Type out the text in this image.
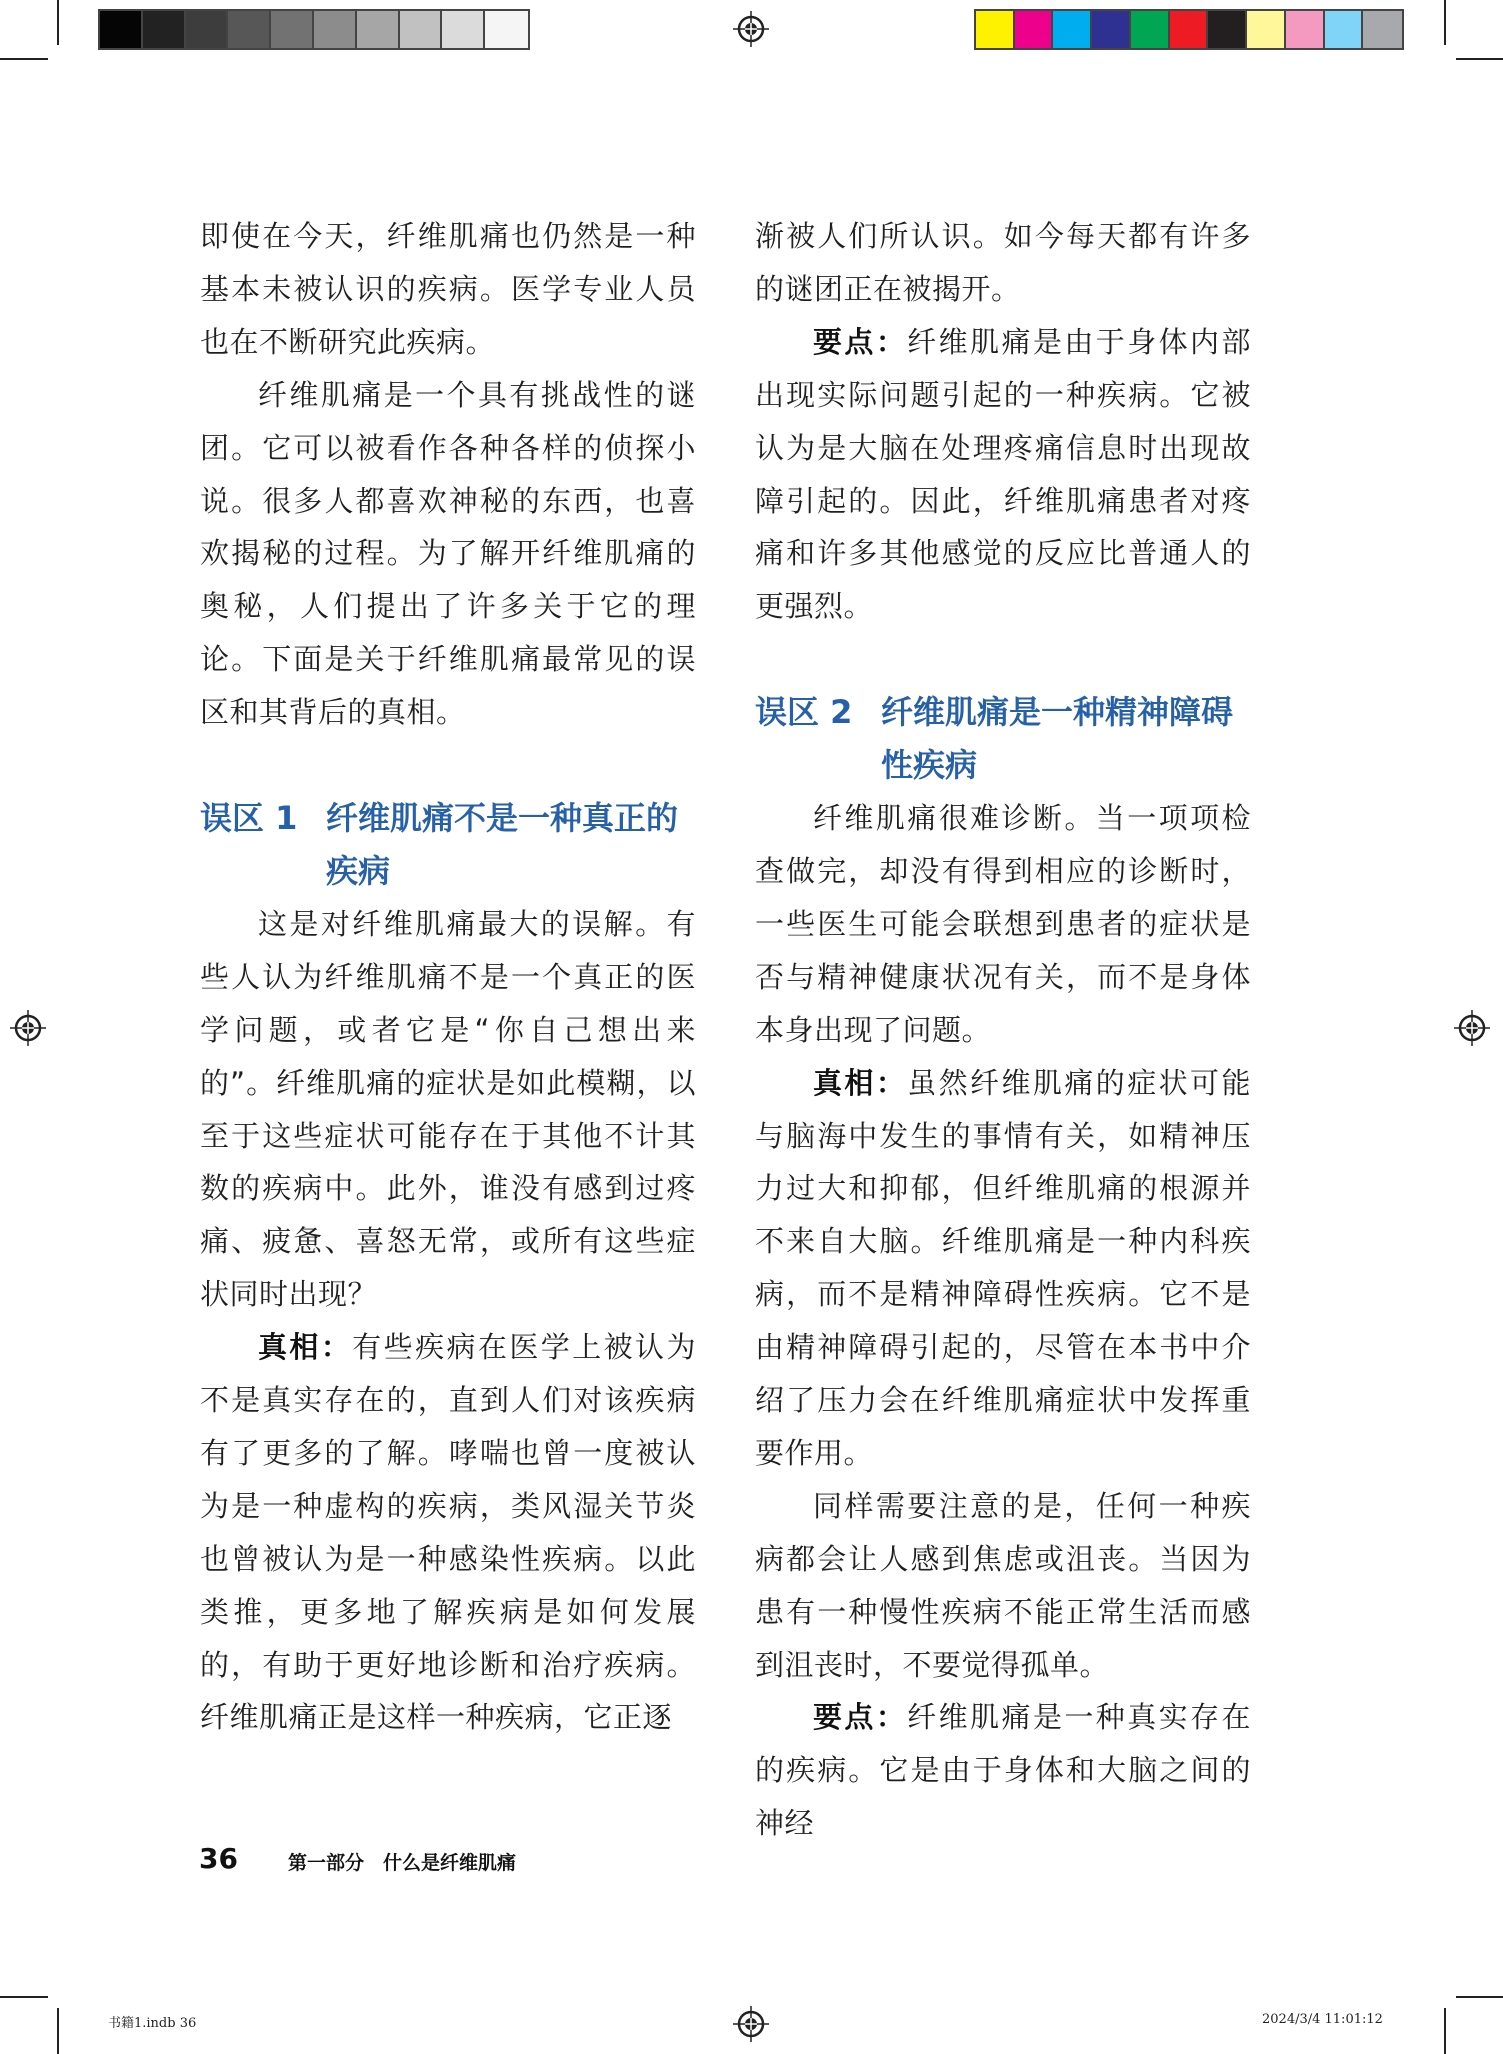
即使在今天，纤维肌痛也仍然是一种基本未被认识的疾病。医学专业人员也在不断研究此疾病。

纤维肌痛是一个具有挑战性的谜团。它可以被看作各种各样的侦探小说。很多人都喜欢神秘的东西，也喜欢揭秘的过程。为了解开纤维肌痛的奥秘，人们提出了许多关于它的理论。下面是关于纤维肌痛最常见的误区和其背后的真相。

误区 1 纤维肌痛不是一种真正的疾病

这是对纤维肌痛最大的误解。有些人认为纤维肌痛不是一个真正的医学问题，或者它是“你自己想出来的”。纤维肌痛的症状是如此模糊，以至于这些症状可能存在于其他不计其数的疾病中。此外，谁没有感到过疼痛、疲惫、喜怒无常，或所有这些症状同时出现？

真相：有些疾病在医学上被认为不是真实存在的，直到人们对该疾病有了更多的了解。哮喘也曾一度被认为是一种虚构的疾病，类风湿关节炎也曾被认为是一种感染性疾病。以此类推，更多地了解疾病是如何发展的，有助于更好地诊断和治疗疾病。纤维肌痛正是这样一种疾病，它正逐

渐被人们所认识。如今每天都有许多的谜团正在被揭开。

要点：纤维肌痛是由于身体内部出现实际问题引起的一种疾病。它被认为是大脑在处理疼痛信息时出现故障引起的。因此，纤维肌痛患者对疼痛和许多其他感觉的反应比普通人的更强烈。

误区 2 纤维肌痛是一种精神障碍性疾病

纤维肌痛很难诊断。当一项项检查做完，却没有得到相应的诊断时，一些医生可能会联想到患者的症状是否与精神健康状况有关，而不是身体本身出现了问题。

真相：虽然纤维肌痛的症状可能与脑海中发生的事情有关，如精神压力过大和抑郁，但纤维肌痛的根源并不来自大脑。纤维肌痛是一种内科疾病，而不是精神障碍性疾病。它不是由精神障碍引起的，尽管在本书中介绍了压力会在纤维肌痛症状中发挥重要作用。

同样需要注意的是，任何一种疾病都会让人感到焦虑或沮丧。当因为患有一种慢性疾病不能正常生活而感到沮丧时，不要觉得孤单。

要点：纤维肌痛是一种真实存在的疾病。它是由于身体和大脑之间的神经

36	第一部分　什么是纤维肌痛
书籍1.indb 36	2024/3/4 11:01:12
